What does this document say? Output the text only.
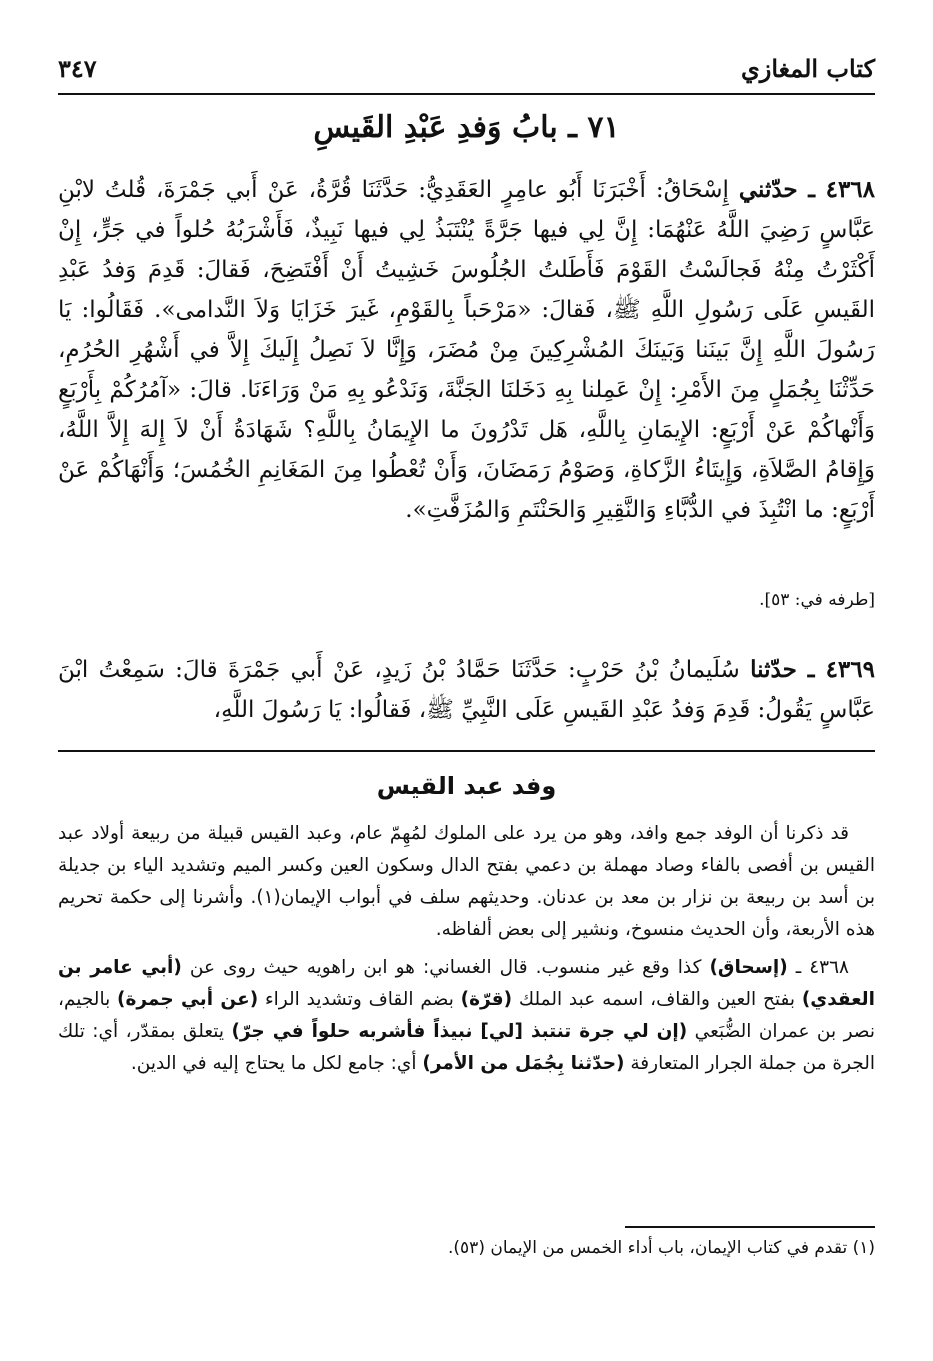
كتاب المغازي
٣٤٧
٧١ ـ بابُ وَفدِ عَبْدِ القَيسِ
٤٣٦٨ ـ حدّثني إِسْحَاقُ: أَخْبَرَنَا أَبُو عامِرٍ العَقَدِيُّ: حَدَّثَنَا قُرَّةُ، عَنْ أَبي جَمْرَةَ، قُلتُ لابْنِ عَبَّاسٍ رَضِيَ اللَّهُ عَنْهُمَا: إِنَّ لِي فيها جَرَّةً يُنْتَبَذُ لِي فيها نَبِيذٌ، فَأَشْرَبُهُ حُلواً في جَرٍّ، إِنْ أَكْثَرْتُ مِنْهُ فَجالَسْتُ القَوْمَ فَأَطَلتُ الجُلُوسَ خَشِيتُ أَنْ أَفْتَضِحَ، فَقالَ: قَدِمَ وَفدُ عَبْدِ القَيسِ عَلَى رَسُولِ اللَّهِ ﷺ، فَقالَ: «مَرْحَباً بِالقَوْمِ، غَيرَ خَزَايَا وَلاَ النَّدامى». فَقَالُوا: يَا رَسُولَ اللَّهِ إِنَّ بَينَنا وَبَينَكَ المُشْرِكِينَ مِنْ مُضَرَ، وَإِنَّا لاَ نَصِلُ إِلَيكَ إِلاَّ في أَشْهُرِ الحُرُمِ، حَدِّثْنَا بِجُمَلٍ مِنَ الأَمْرِ: إِنْ عَمِلنا بِهِ دَخَلنَا الجَنَّةَ، وَنَدْعُو بِهِ مَنْ وَرَاءَنَا. قالَ: «آمُرُكُمْ بِأَرْبَعٍ وَأَنْهاكُمْ عَنْ أَرْبَعٍ: الإِيمَانِ بِاللَّهِ، هَل تَدْرُونَ ما الإِيمَانُ بِاللَّهِ؟ شَهَادَةُ أَنْ لاَ إِلهَ إِلاَّ اللَّهُ، وَإِقامُ الصَّلاَةِ، وَإِيتَاءُ الزَّكاةِ، وَصَوْمُ رَمَضَانَ، وَأَنْ تُعْطُوا مِنَ المَغَانِمِ الخُمُسَ؛ وَأَنْهَاكُمْ عَنْ أَرْبَعٍ: ما انْتُبِذَ في الدُّبَّاءِ وَالنَّقِيرِ وَالحَنْتَمِ وَالمُزَفَّتِ».
[طرفه في: ٥٣].
٤٣٦٩ ـ حدّثنا سُلَيمانُ بْنُ حَرْبٍ: حَدَّثَنَا حَمَّادُ بْنُ زَيدٍ، عَنْ أَبي جَمْرَةَ قالَ: سَمِعْتُ ابْنَ عَبَّاسٍ يَقُولُ: قَدِمَ وَفدُ عَبْدِ القَيسِ عَلَى النَّبِيِّ ﷺ، فَقالُوا: يَا رَسُولَ اللَّهِ،
وفد عبد القيس

قد ذكرنا أن الوفد جمع وافد، وهو من يرد على الملوك لمُهِمّ عام، وعبد القيس قبيلة من ربيعة أولاد عبد القيس بن أفصى بالفاء وصاد مهملة بن دعمي بفتح الدال وسكون العين وكسر الميم وتشديد الياء بن جديلة بن أسد بن ربيعة بن نزار بن معد بن عدنان. وحديثهم سلف في أبواب الإيمان(١). وأشرنا إلى حكمة تحريم هذه الأربعة، وأن الحديث منسوخ، ونشير إلى بعض ألفاظه.

٤٣٦٨ ـ (إسحاق) كذا وقع غير منسوب. قال الغساني: هو ابن راهويه حيث روى عن (أبي عامر بن العقدي) بفتح العين والقاف، اسمه عبد الملك (قرّة) بضم القاف وتشديد الراء (عن أبي جمرة) بالجيم، نصر بن عمران الضُّبَعي (إن لي جرة تنتبذ [لي] نبيذاً فأشربه حلواً في جرّ) يتعلق بمقدّر، أي: تلك الجرة من جملة الجرار المتعارفة (حدّثنا بِجُمَل من الأمر) أي: جامع لكل ما يحتاج إليه في الدين.

(١) تقدم في كتاب الإيمان، باب أداء الخمس من الإيمان (٥٣).
